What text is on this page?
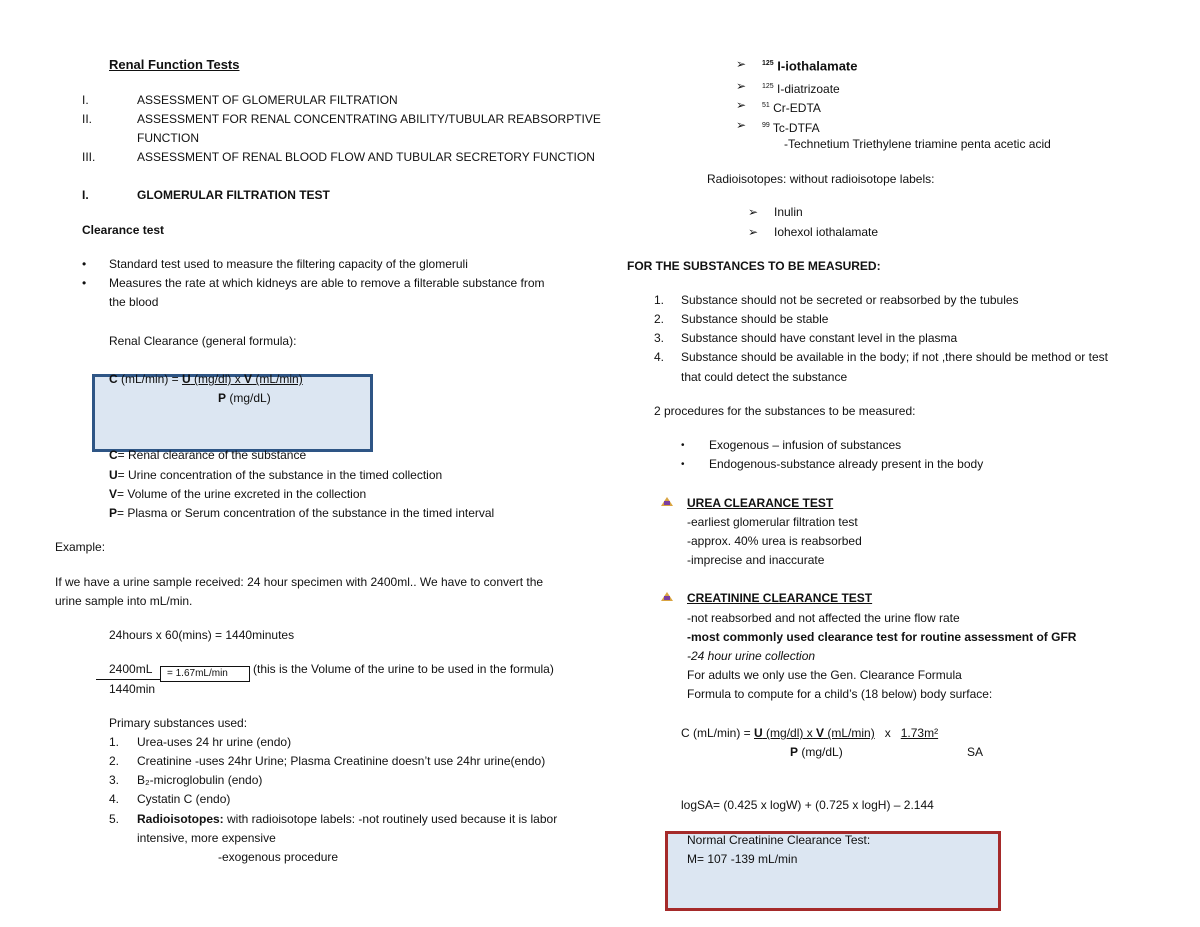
Renal Function Tests
I.	ASSESSMENT OF GLOMERULAR FILTRATION
II.	ASSESSMENT FOR RENAL CONCENTRATING ABILITY/TUBULAR REABSORPTIVE
FUNCTION
III.	ASSESSMENT OF RENAL BLOOD FLOW AND TUBULAR SECRETORY FUNCTION
I.	GLOMERULAR FILTRATION TEST
Clearance test
• Standard test used to measure the filtering capacity of the glomeruli
• Measures the rate at which kidneys are able to remove a filterable substance from
the blood
Renal Clearance (general formula):
C (mL/min) = U (mg/dl) x V (mL/min)
P (mg/dL)
C= Renal clearance of the substance
U= Urine concentration of the substance in the timed collection
V= Volume of the urine excreted in the collection
P= Plasma or Serum concentration of the substance in the timed interval
Example:
If we have a urine sample received: 24 hour specimen with 2400ml.. We have to convert the
urine sample into mL/min.
24hours x 60(mins) = 1440minutes
2400mL
1440min
= 1.67mL/min	(this is the Volume of the urine to be used in the formula)
Primary substances used:
1. Urea-uses 24 hr urine (endo)
2. Creatinine -uses 24hr Urine; Plasma Creatinine doesn’t use 24hr urine(endo)
3. B₂-microglobulin (endo)
4. Cystatin C (endo)
5. Radioisotopes: with radioisotope labels: -not routinely used because it is labor
intensive, more expensive
-exogenous procedure
➢
$^{125}$ I-iothalamate
➢
$^{125}$ I-diatrizoate
➢
$^{51}$ Cr-EDTA
➢
$^{99}$ Tc-DTFA
-Technetium Triethylene triamine penta acetic acid
Radioisotopes: without radioisotope labels:
➢
Inulin
➢
Iohexol iothalamate
FOR THE SUBSTANCES TO BE MEASURED:
1. Substance should not be secreted or reabsorbed by the tubules
2. Substance should be stable
3. Substance should have constant level in the plasma
4. Substance should be available in the body; if not ,there should be method or test
that could detect the substance
2 procedures for the substances to be measured:
• Exogenous – infusion of substances
• Endogenous-substance already present in the body
UREA CLEARANCE TEST
-earliest glomerular filtration test
-approx. 40% urea is reabsorbed
-imprecise and inaccurate
CREATININE CLEARANCE TEST
-not reabsorbed and not affected the urine flow rate
-most commonly used clearance test for routine assessment of GFR
-24 hour urine collection
For adults we only use the Gen. Clearance Formula
Formula to compute for a child’s (18 below) body surface:
C (mL/min) = U (mg/dl) x V (mL/min) x 1.73m²
P (mg/dL)	SA
logSA= (0.425 x logW) + (0.725 x logH) – 2.144
Normal Creatinine Clearance Test:
M= 107 -139 mL/min
